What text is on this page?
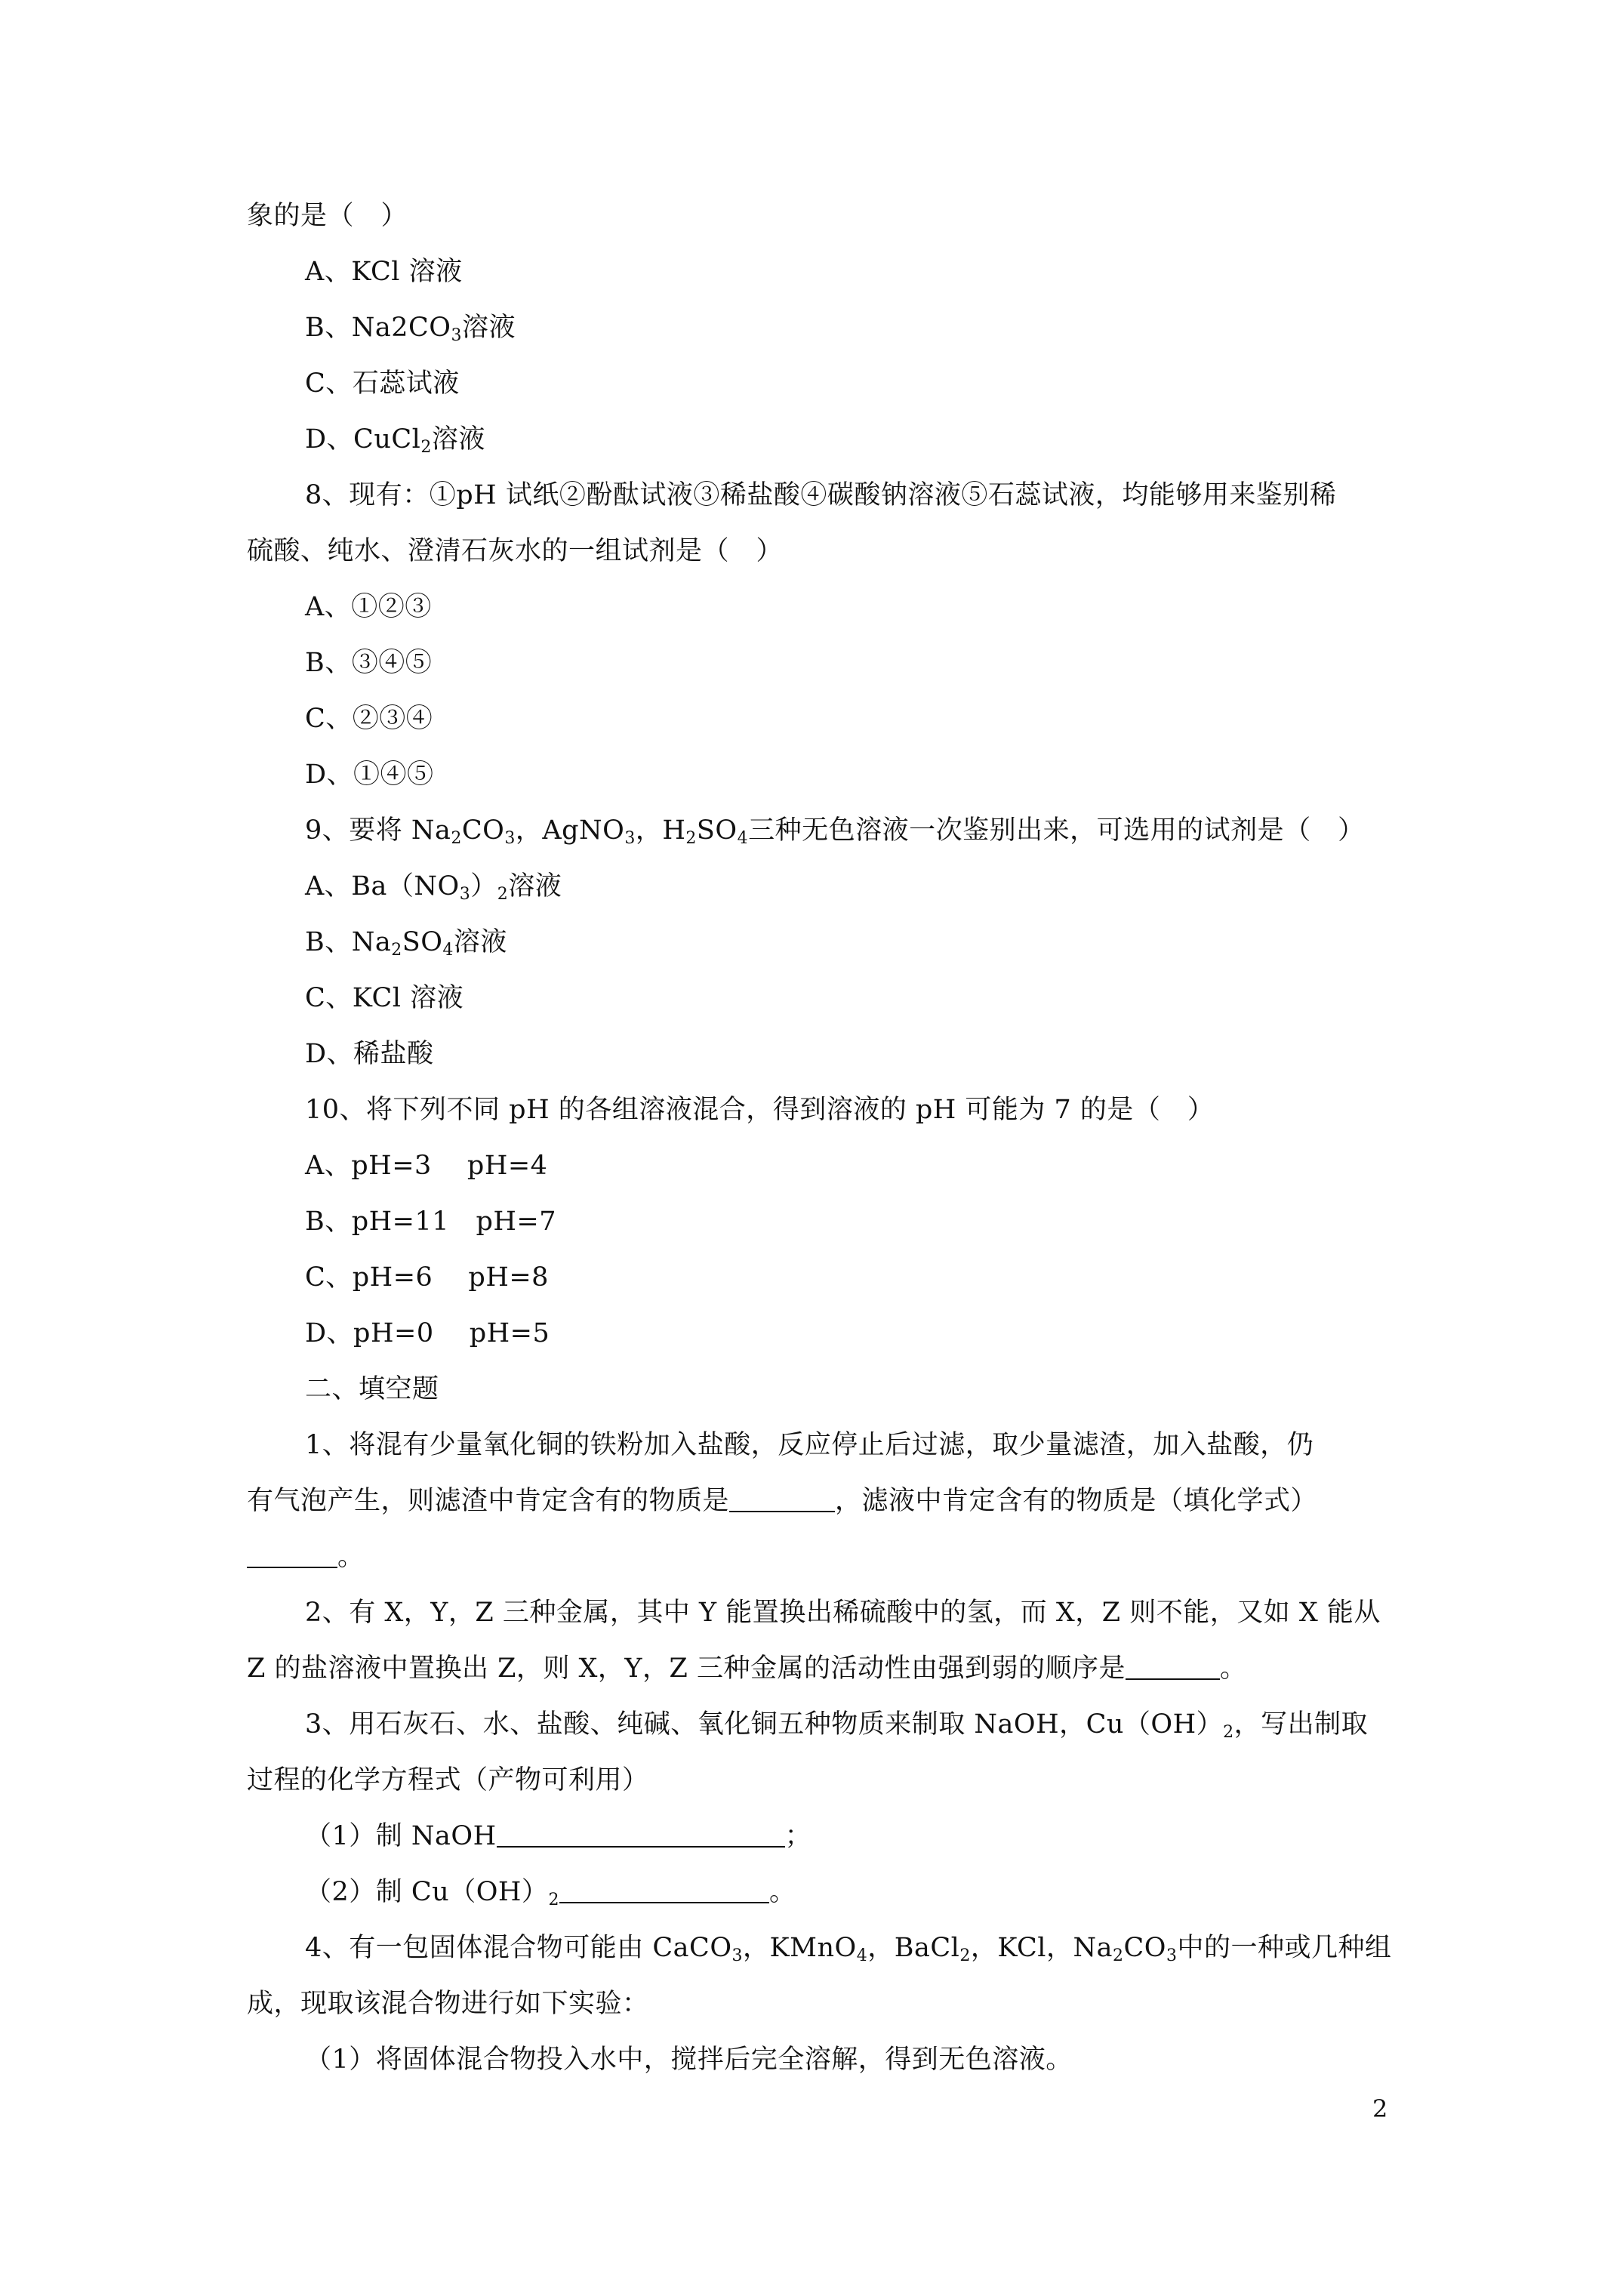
象的是（　）
A、KCl 溶液
B、$Na2CO_3$溶液
C、石蕊试液
D、CuCl$_2$溶液
8、现有：①pH 试纸②酚酞试液③稀盐酸④碳酸钠溶液⑤石蕊试液，均能够用来鉴别稀
硫酸、纯水、澄清石灰水的一组试剂是（　）
A、①②③
B、③④⑤
C、②③④
D、①④⑤
9、要将 $Na_2CO_3$，AgNO$_3$，$H_2SO_4$三种无色溶液一次鉴别出来，可选用的试剂是（　）
A、$Ba(NO_3)_2$溶液
B、$Na_2SO_4$溶液
C、KCl 溶液
D、稀盐酸
10、将下列不同 pH 的各组溶液混合，得到溶液的 pH 可能为 7 的是（　）
A、pH=3　 pH=4
B、pH=11　pH=7
C、pH=6　 pH=8
D、pH=0　 pH=5
二、填空题
1、将混有少量氧化铜的铁粉加入盐酸，反应停止后过滤，取少量滤渣，加入盐酸，仍
有气泡产生，则滤渣中肯定含有的物质是	，滤液中肯定含有的物质是（填化学式）
。
2、有 X，Y，Z 三种金属，其中 Y 能置换出稀硫酸中的氢，而 X，Z 则不能，又如 X 能从
Z 的盐溶液中置换出 Z，则 X，Y，Z 三种金属的活动性由强到弱的顺序是	。
3、用石灰石、水、盐酸、纯碱、氧化铜五种物质来制取 NaOH，$Cu(OH)_2$，写出制取
过程的化学方程式（产物可利用）
（1）制 NaOH	；
（2）制 $Cu(OH)_2$	。
4、有一包固体混合物可能由 CaCO$_3$，KMnO$_4$，BaCl$_2$，KCl，$Na_2CO_3$中的一种或几种组
成，现取该混合物进行如下实验：
（1）将固体混合物投入水中，搅拌后完全溶解，得到无色溶液。
2
